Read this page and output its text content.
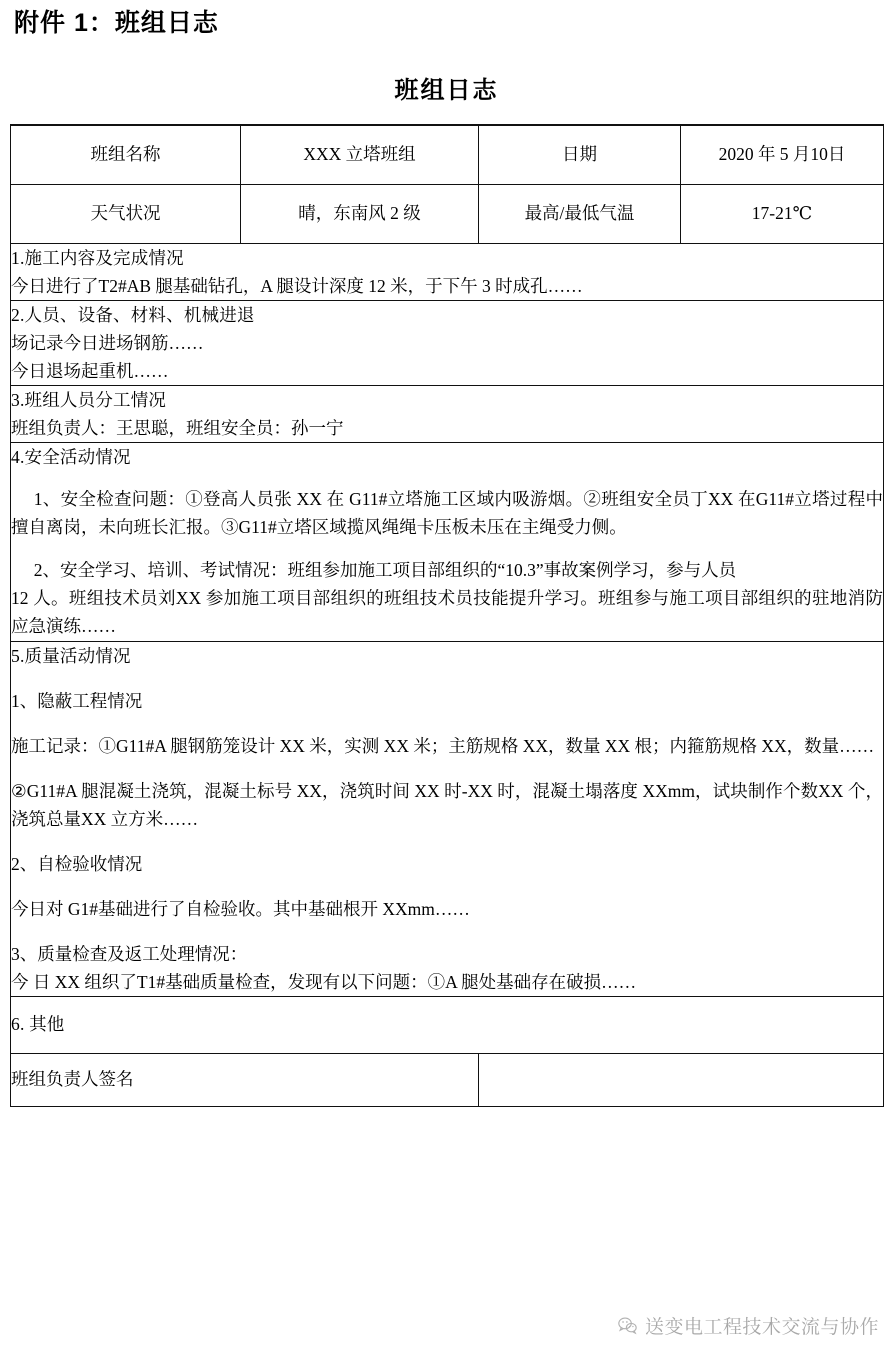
附件 1：班组日志
班组日志
班组名称	XXX 立塔班组	日期	2020 年 5 月10日
天气状况	晴，东南风 2 级	最高/最低气温	17-21℃

1.施工内容及完成情况

今日进行了T2#AB 腿基础钻孔，A 腿设计深度 12 米，于下午 3 时成孔……			

2.人员、设备、材料、机械进退

场记录今日进场钢筋……

今日退场起重机……			

3.班组人员分工情况

班组负责人：王思聪，班组安全员：孙一宁			

4.安全活动情况

1、安全检查问题：①登高人员张 XX 在 G11#立塔施工区域内吸游烟。②班组安全员丁XX 在G11#立塔过程中擅自离岗，未向班长汇报。③G11#立塔区域揽风绳绳卡压板未压在主绳受力侧。

2、安全学习、培训、考试情况：班组参加施工项目部组织的“10.3”事故案例学习，参与人员

12 人。班组技术员刘XX 参加施工项目部组织的班组技术员技能提升学习。班组参与施工项目部组织的驻地消防应急演练……			

5.质量活动情况

1、隐蔽工程情况

施工记录：①G11#A 腿钢筋笼设计 XX 米，实测 XX 米；主筋规格 XX，数量 XX 根；内箍筋规格 XX，数量……

②G11#A 腿混凝土浇筑，混凝土标号 XX，浇筑时间 XX 时-XX 时，混凝土塌落度 XXmm，试块制作个数XX 个，浇筑总量XX 立方米……

2、自检验收情况

今日对 G1#基础进行了自检验收。其中基础根开 XXmm……

3、质量检查及返工处理情况：

今 日 XX 组织了T1#基础质量检查，发现有以下问题：①A 腿处基础存在破损……

6. 其他			
班组负责人签名			
送变电工程技术交流与协作
